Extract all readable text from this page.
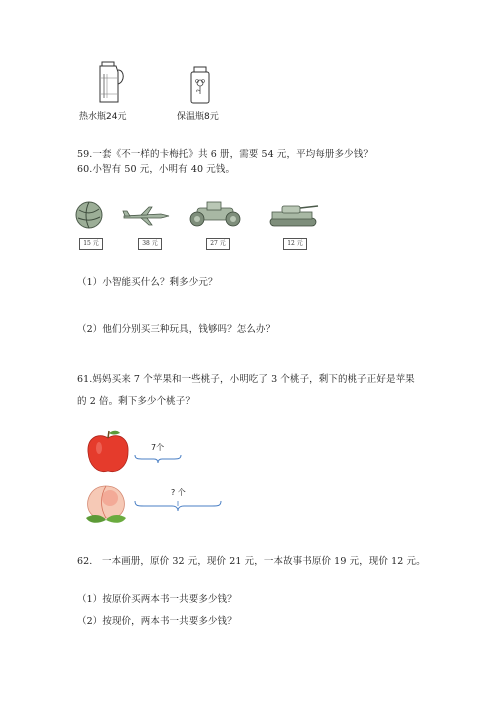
热水瓶24元	保温瓶8元
59.一套《不一样的卡梅托》共 6 册，需要 54 元，平均每册多少钱？
60.小智有 50 元，小明有 40 元钱。
15 元	38 元	27 元	12 元
（1）小智能买什么？剩多少元？
（2）他们分别买三种玩具，钱够吗？怎么办？
61.妈妈买来 7 个苹果和一些桃子，小明吃了 3 个桃子，剩下的桃子正好是苹果
的 2 倍。剩下多少个桃子？
7个
? 个
62.　一本画册，原价 32 元，现价 21 元，一本故事书原价 19 元，现价 12 元。
（1）按原价买两本书一共要多少钱？
（2）按现价，两本书一共要多少钱？
